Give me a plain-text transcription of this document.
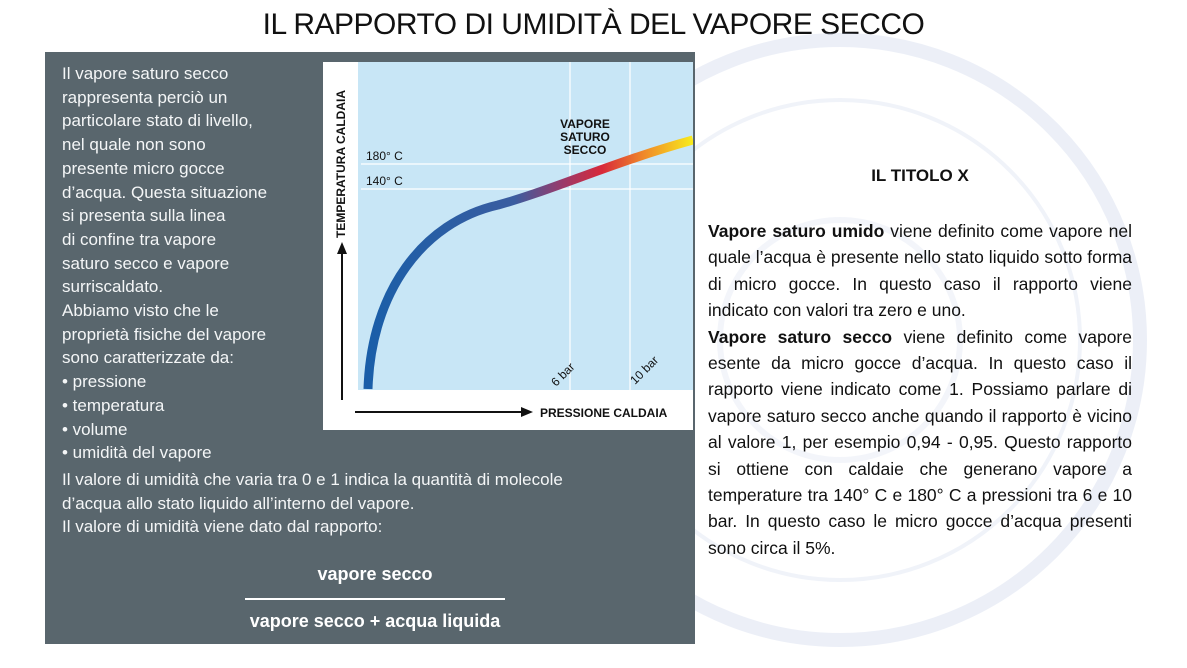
IL RAPPORTO DI UMIDITÀ DEL VAPORE SECCO
Il vapore saturo secco
rappresenta perciò un
particolare stato di livello,
nel quale non sono
presente micro gocce
d’acqua. Questa situazione
si presenta sulla linea
di confine tra vapore
saturo secco e vapore
surriscaldato.
Abbiamo visto che le
proprietà fisiche del vapore
sono caratterizzate da:
• pressione
• temperatura
• volume
• umidità del vapore
Il valore di umidità che varia tra 0 e 1 indica la quantità di molecole
d’acqua allo stato liquido all’interno del vapore.
Il valore di umidità viene dato dal rapporto:
vapore secco
vapore secco + acqua liquida
TEMPERATURA CALDAIA
PRESSIONE CALDAIA
180° C
140° C
6 bar	10 bar
VAPORE
SATURO
SECCO
IL TITOLO X
Vapore saturo umido viene definito come vapore nel quale l’acqua è presente nello stato liquido sotto forma di micro gocce. In questo caso il rapporto viene indicato con valori tra zero e uno.
Vapore saturo secco viene definito come vapore esente da micro gocce d’acqua. In questo caso il rapporto viene indicato come 1. Possiamo parlare di vapore saturo secco anche quando il rapporto è vicino al valore 1, per esempio 0,94 - 0,95. Questo rapporto si ottiene con caldaie che generano vapore a temperature tra 140° C e 180° C a pressioni tra 6 e 10 bar. In questo caso le micro gocce d’acqua presenti sono circa il 5%.
